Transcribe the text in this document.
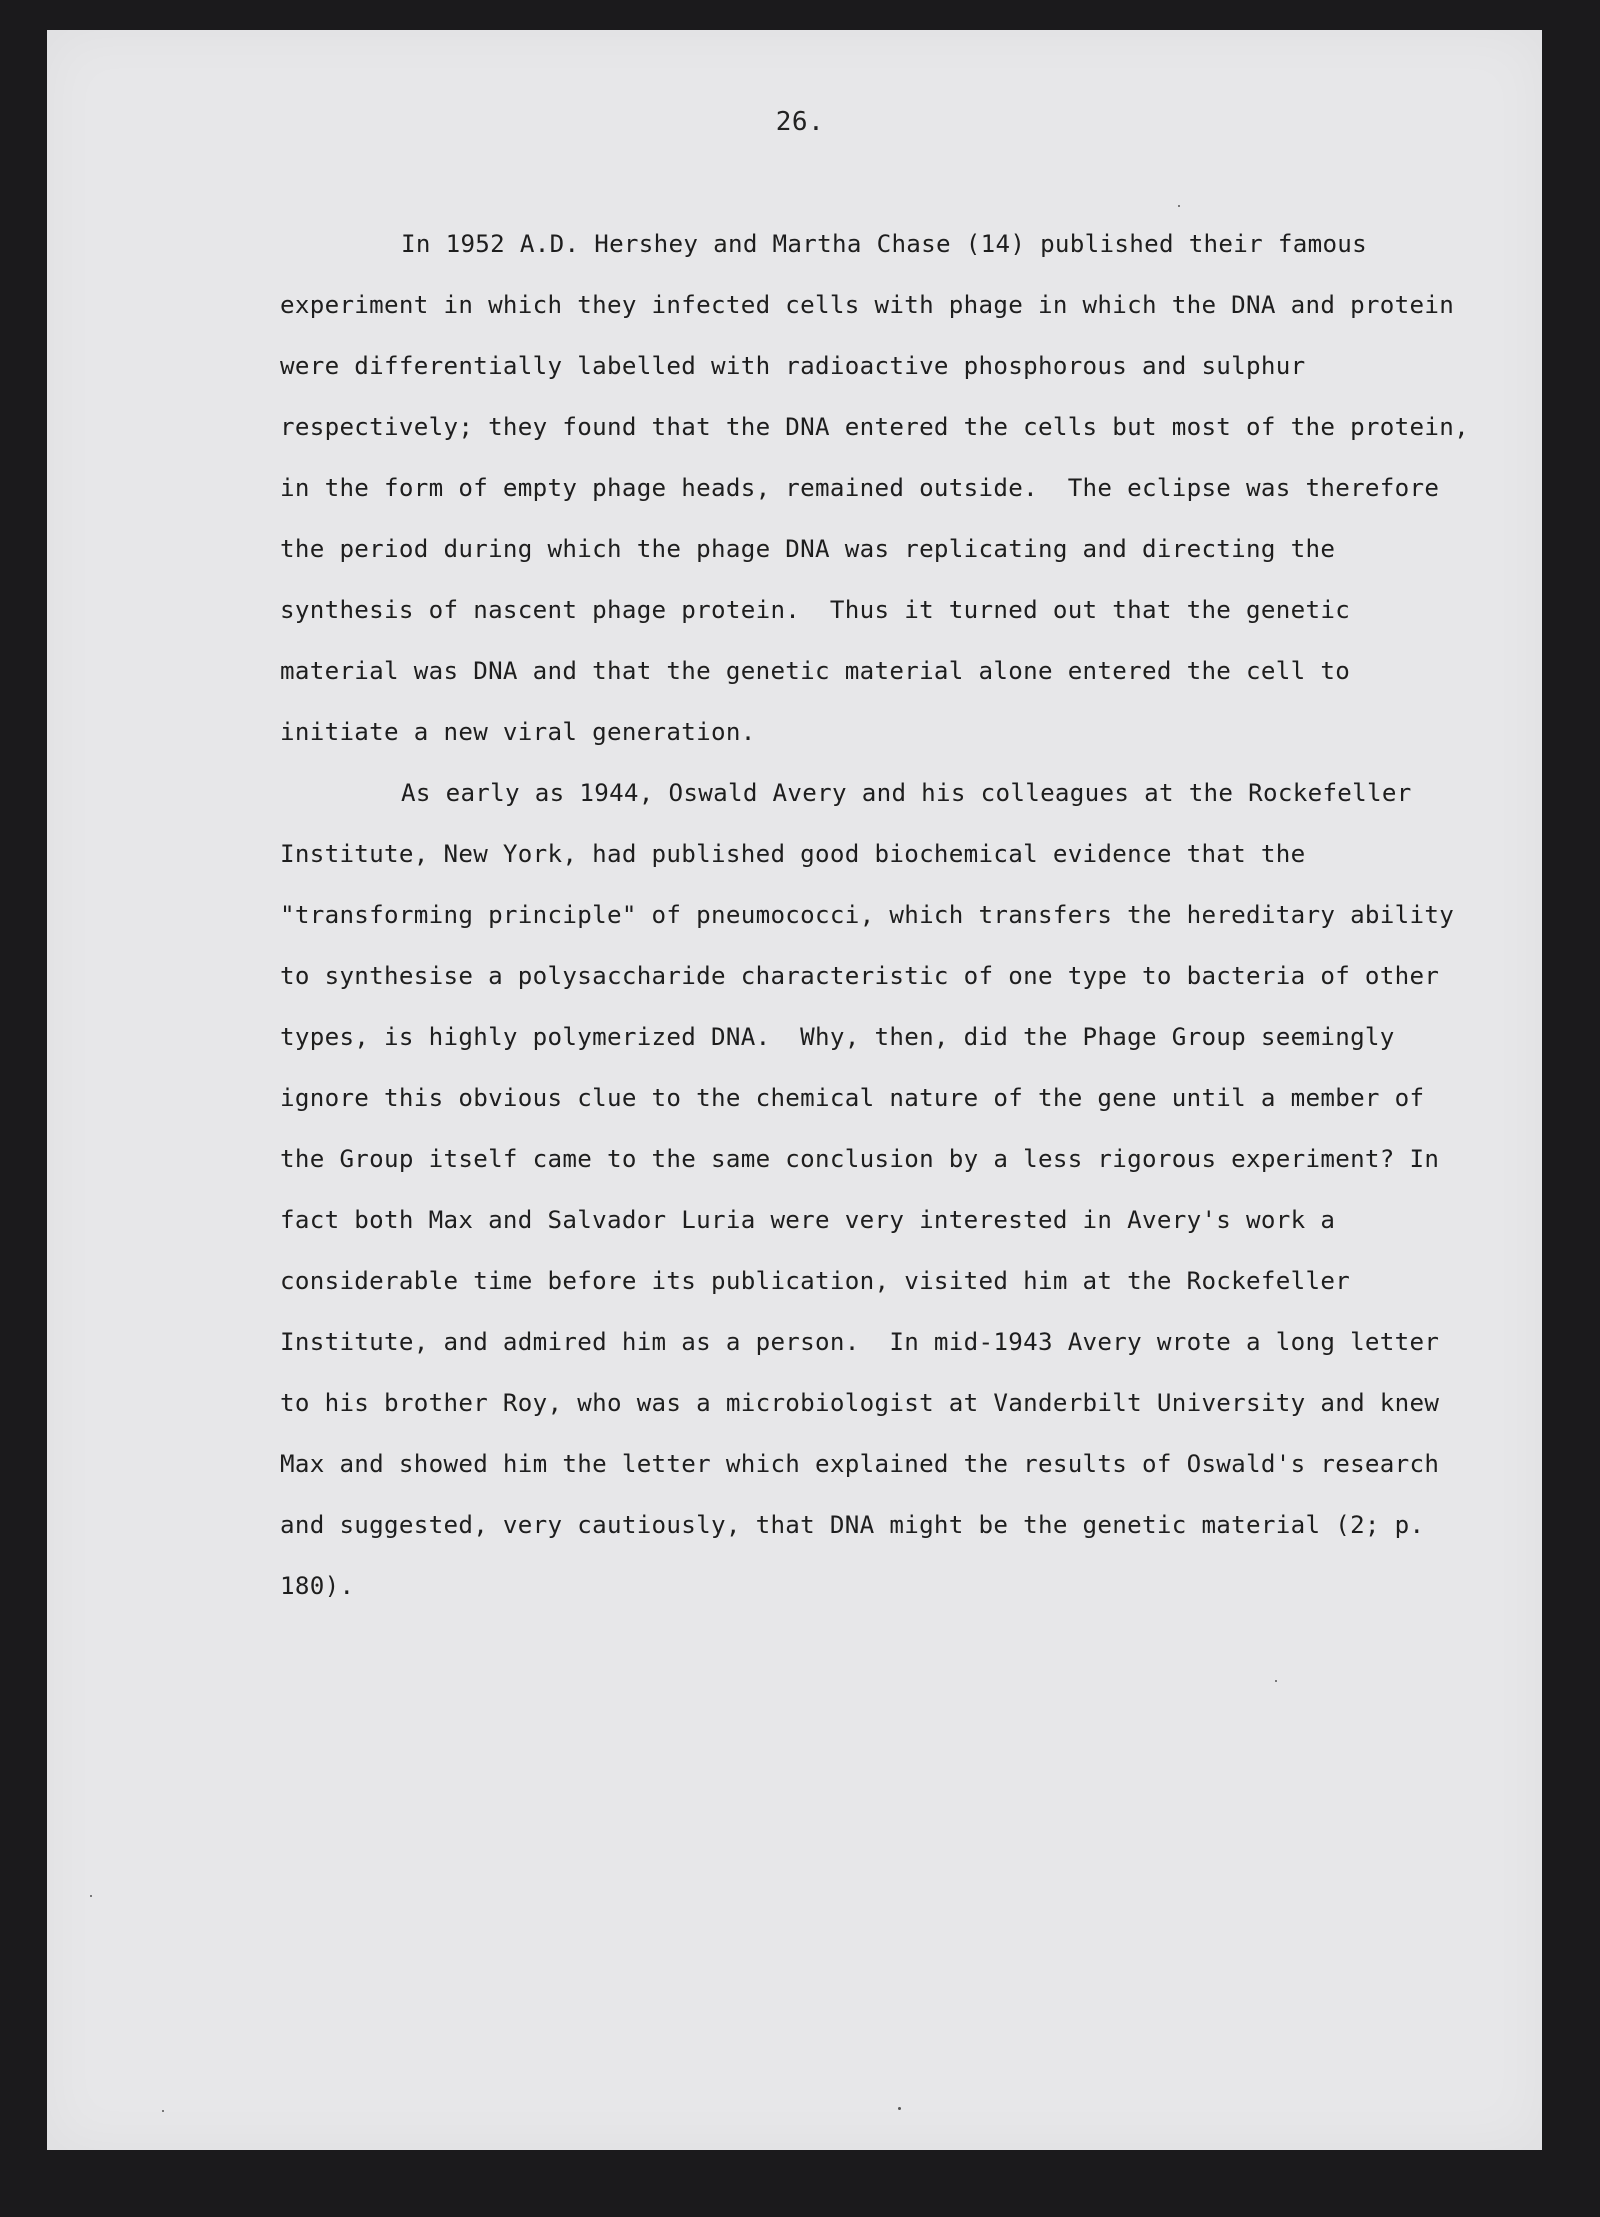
26.
In 1952 A.D. Hershey and Martha Chase (14) published their famous
experiment in which they infected cells with phage in which the DNA and protein
were differentially labelled with radioactive phosphorous and sulphur
respectively; they found that the DNA entered the cells but most of the protein,
in the form of empty phage heads, remained outside.  The eclipse was therefore
the period during which the phage DNA was replicating and directing the
synthesis of nascent phage protein.  Thus it turned out that the genetic
material was DNA and that the genetic material alone entered the cell to
initiate a new viral generation.
As early as 1944, Oswald Avery and his colleagues at the Rockefeller
Institute, New York, had published good biochemical evidence that the
"transforming principle" of pneumococci, which transfers the hereditary ability
to synthesise a polysaccharide characteristic of one type to bacteria of other
types, is highly polymerized DNA.  Why, then, did the Phage Group seemingly
ignore this obvious clue to the chemical nature of the gene until a member of
the Group itself came to the same conclusion by a less rigorous experiment? In
fact both Max and Salvador Luria were very interested in Avery's work a
considerable time before its publication, visited him at the Rockefeller
Institute, and admired him as a person.  In mid-1943 Avery wrote a long letter
to his brother Roy, who was a microbiologist at Vanderbilt University and knew
Max and showed him the letter which explained the results of Oswald's research
and suggested, very cautiously, that DNA might be the genetic material (2; p.
180).
